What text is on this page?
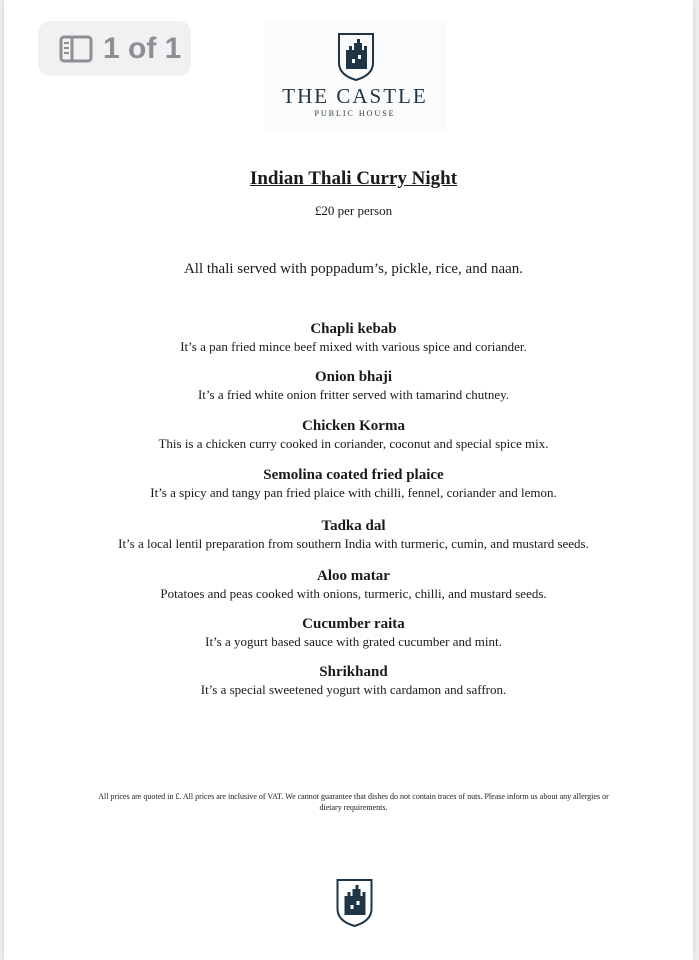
1 of 1
THE CASTLE
PUBLIC HOUSE
Indian Thali Curry Night
£20 per person
All thali served with poppadum’s, pickle, rice, and naan.
Chapli kebab
It’s a pan fried mince beef mixed with various spice and coriander.
Onion bhaji
It’s a fried white onion fritter served with tamarind chutney.
Chicken Korma
This is a chicken curry cooked in coriander, coconut and special spice mix.
Semolina coated fried plaice
It’s a spicy and tangy pan fried plaice with chilli, fennel, coriander and lemon.
Tadka dal
It’s a local lentil preparation from southern India with turmeric, cumin, and mustard seeds.
Aloo matar
Potatoes and peas cooked with onions, turmeric, chilli, and mustard seeds.
Cucumber raita
It’s a yogurt based sauce with grated cucumber and mint.
Shrikhand
It’s a special sweetened yogurt with cardamon and saffron.
All prices are quoted in £. All prices are inclusive of VAT. We cannot guarantee that dishes do not contain traces of nuts. Please inform us about any allergies or dietary requirements.
